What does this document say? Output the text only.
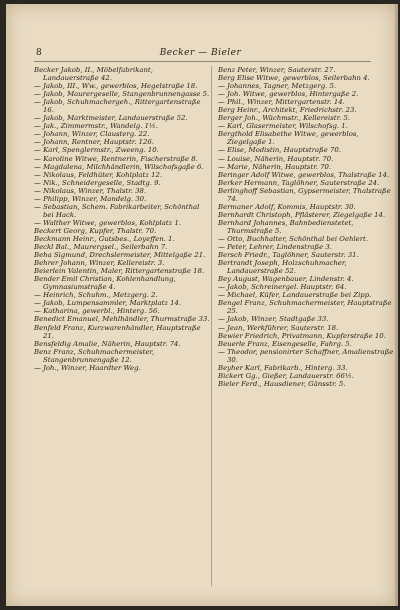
8	Becker — Bieler

Becker Jakob, II., Möbelfabrikant, Landauerstraße 42.

— Jakob, III., Ww., gewerblos, Hegelstraße 18.

— Jakob, Maurergeselle, Stangenbrunnengasse 5.

— Jakob, Schuhmachergeh., Rittergartenstraße 16.

— Jakob, Marktmeister, Landauerstraße 52.

— Jak., Zimmermstr., Wandelg. 1½.

— Johann, Winzer, Clausterg. 22.

— Johann, Rentner, Hauptstr. 126.

— Karl, Spenglermstr., Zweeng. 10.

— Karoline Witwe, Rentnerin, Fischerstraße 8.

— Magdalena, Milchhändlerin, Wilschofsgaße 6.

— Nikolaus, Feldhüter, Kohlplatz 12.

— Nik., Schneidergeselle, Stadtg. 9.

— Nikolaus, Winzer, Thalstr. 38.

— Philipp, Winzer, Mandelg. 30.

— Sebastian, Schem. Fabrikarbeiter, Schönthal bei Hack.

— Walther Witwe, gewerblos, Kohlplatz 1.

Beckert Georg, Kupfer, Thalstr. 70.

Beckmann Heinr., Gutsbes., Loyeffen. 1.

Beckl Bal., Maurergsel., Seilerbahn 7.

Beha Sigmund, Drechslermeister, Mittelgaße 21.

Behrer Johann, Winzer, Kellereistr. 3.

Beierlein Valentin, Maler, Rittergartenstraße 18.

Bender Emil Christian, Kohlenhandlung, Gymnasiumstraße 4.

— Heinrich, Schuhm., Metzgerg. 2.

— Jakob, Lumpensammler, Marktplatz 14.

— Katharina, gewerbl., Hinterg. 56.

Benedict Emanuel, Mehlhändler, Thurmstraße 33.

Benfeld Franz, Kurzwarenhändler, Hauptstraße 21.

Bensfeldig Amalie, Näherin, Hauptstr. 74.

Benz Franz, Schuhmachermeister, Stangenbrunnengaße 12.

— Joh., Winzer, Haardter Weg.

Benz Peter, Winzer, Sauterstr. 27.

Berg Elise Witwe, gewerblos, Seilerbahn 4.

— Johannes, Tagner, Metzgerg. 5.

— Joh. Witwe, gewerblos, Hintergaße 2.

— Phil., Winzer, Mittergartenstr. 14.

Berg Heinr., Architekt, Friedrichstr. 23.

Berger Joh., Wächmstr., Kellereistr. 5.

— Karl, Glasermeister, Wilschofsg. 1.

Bergthold Elisabethe Witwe, gewerblos, Ziegelgaße 1.

— Elise, Modistin, Hauptstraße 70.

— Louise, Näherin, Hauptstr. 70.

— Marie, Näherin, Hauptstr. 70.

Beringer Adolf Witwe, gewerblos, Thalstraße 14.

Berker Hermann, Taglöhner, Sauterstraße 24.

Berlinghoff Sebastian, Gypsermeister, Thalstraße 74.

Bermaner Adolf, Kommis, Hauptstr. 30.

Bernhardt Christoph, Pflästerer, Ziegelgaße 14.

Bernhard Johannes, Bahnbedienstetet, Thurmstraße 5.

— Otto, Buchhalter, Schönthal bei Oehlert.

— Peter, Lehrer, Lindenstraße 3.

Bersch Friedr., Taglöhner, Sauterstr. 31.

Bertrandt Joseph, Holzschuhmacher, Landauerstraße 52.

Bey August, Wagenbauer, Lindenstr. 4.

— Jakob, Schreinergel. Hauptstr. 64.

— Michael, Küfer, Landauerstraße bei Zipp.

Bengel Franz, Schuhmachermeister, Hauptstraße 25.

— Jakob, Winzer, Stadtgaße 33.

— Jean, Werkführer, Sauterstr. 18.

Bewier Friedrich, Privatmann, Kupferstraße 10.

Beuerle Franz, Eisengeselle, Fahrg. 5.

— Theodor, pensionirter Schaffner, Amalienstraße 30.

Beyher Karl, Fabrikarb., Hinterg. 33.

Bickert Gg., Gießer, Landauerstr. 66½.

Bieler Ferd., Hausdiener, Gänsstr. 5.
